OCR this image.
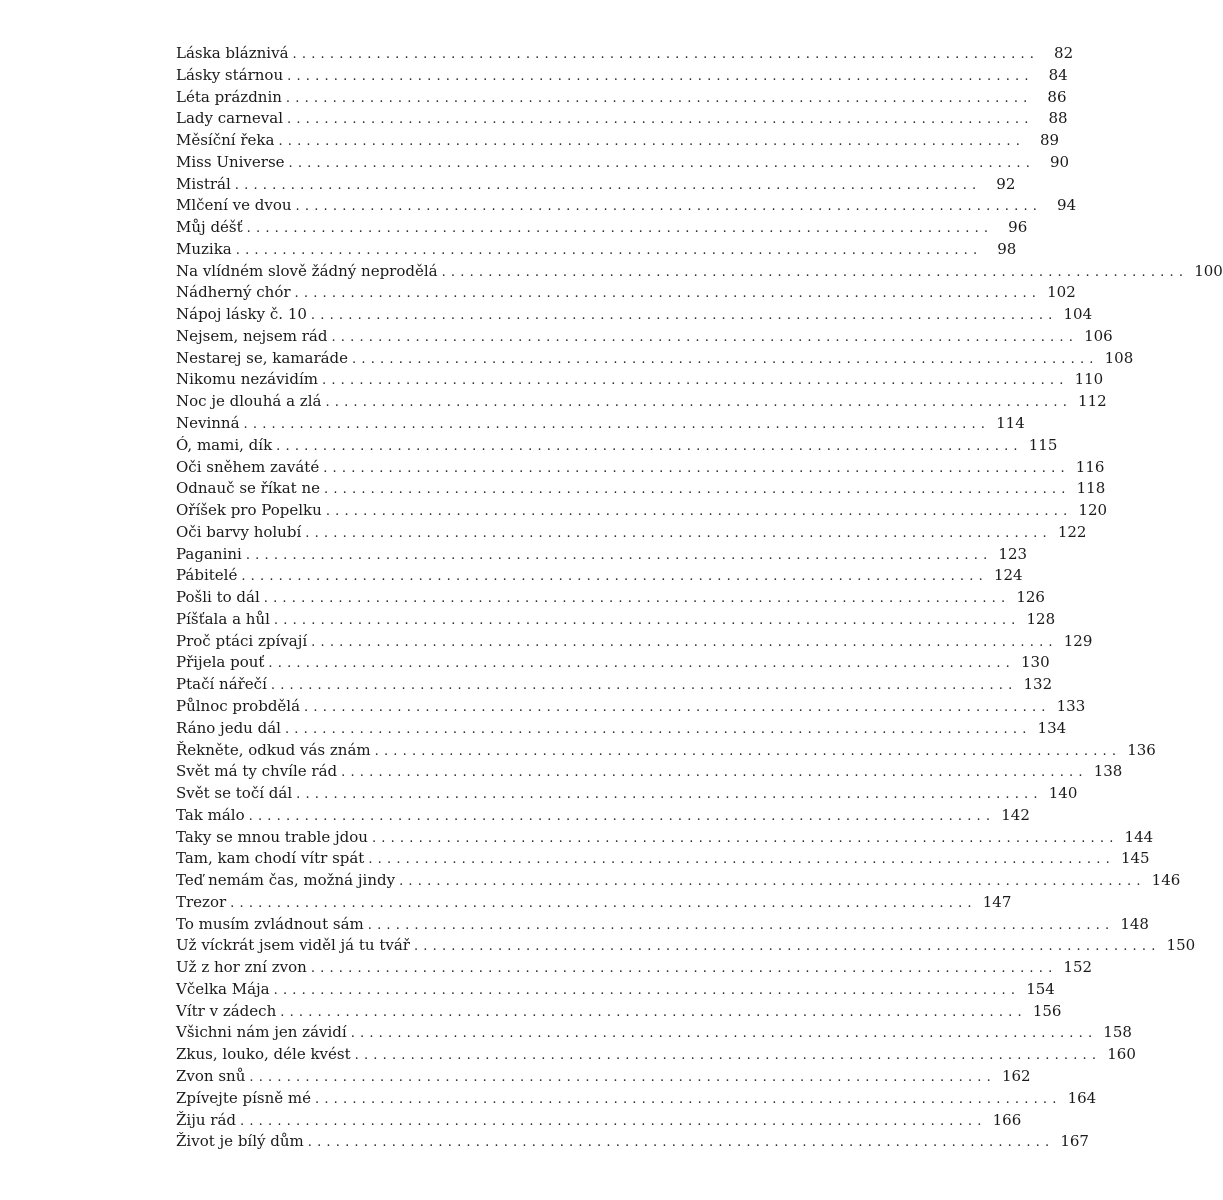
Láska bláznivá ................................................................................ 82
Lásky stárnou ................................................................................ 84
Léta prázdnin ................................................................................ 86
Lady carneval ................................................................................ 88
Měsíční řeka ................................................................................ 89
Miss Universe ................................................................................ 90
Mistrál ................................................................................ 92
Mlčení ve dvou ................................................................................ 94
Můj déšť ................................................................................ 96
Muzika ................................................................................ 98
Na vlídném slově žádný neprodělá ................................................................................ 100
Nádherný chór ................................................................................ 102
Nápoj lásky č. 10 ................................................................................ 104
Nejsem, nejsem rád ................................................................................ 106
Nestarej se, kamaráde ................................................................................ 108
Nikomu nezávidím ................................................................................ 110
Noc je dlouhá a zlá ................................................................................ 112
Nevinná ................................................................................ 114
Ó, mami, dík ................................................................................ 115
Oči sněhem zaváté ................................................................................ 116
Odnauč se říkat ne ................................................................................ 118
Oříšek pro Popelku ................................................................................ 120
Oči barvy holubí ................................................................................ 122
Paganini ................................................................................ 123
Pábitelé ................................................................................ 124
Pošli to dál ................................................................................ 126
Píšťala a hůl ................................................................................ 128
Proč ptáci zpívají ................................................................................ 129
Přijela pouť ................................................................................ 130
Ptačí nářečí ................................................................................ 132
Půlnoc probdělá ................................................................................ 133
Ráno jedu dál ................................................................................ 134
Řekněte, odkud vás znám ................................................................................ 136
Svět má ty chvíle rád ................................................................................ 138
Svět se točí dál ................................................................................ 140
Tak málo ................................................................................ 142
Taky se mnou trable jdou ................................................................................ 144
Tam, kam chodí vítr spát ................................................................................ 145
Teď nemám čas, možná jindy ................................................................................ 146
Trezor ................................................................................ 147
To musím zvládnout sám ................................................................................ 148
Už víckrát jsem viděl já tu tvář ................................................................................ 150
Už z hor zní zvon ................................................................................ 152
Včelka Mája ................................................................................ 154
Vítr v zádech ................................................................................ 156
Všichni nám jen závidí ................................................................................ 158
Zkus, louko, déle kvést ................................................................................ 160
Zvon snů ................................................................................ 162
Zpívejte písně mé ................................................................................ 164
Žiju rád ................................................................................ 166
Život je bílý dům ................................................................................ 167
